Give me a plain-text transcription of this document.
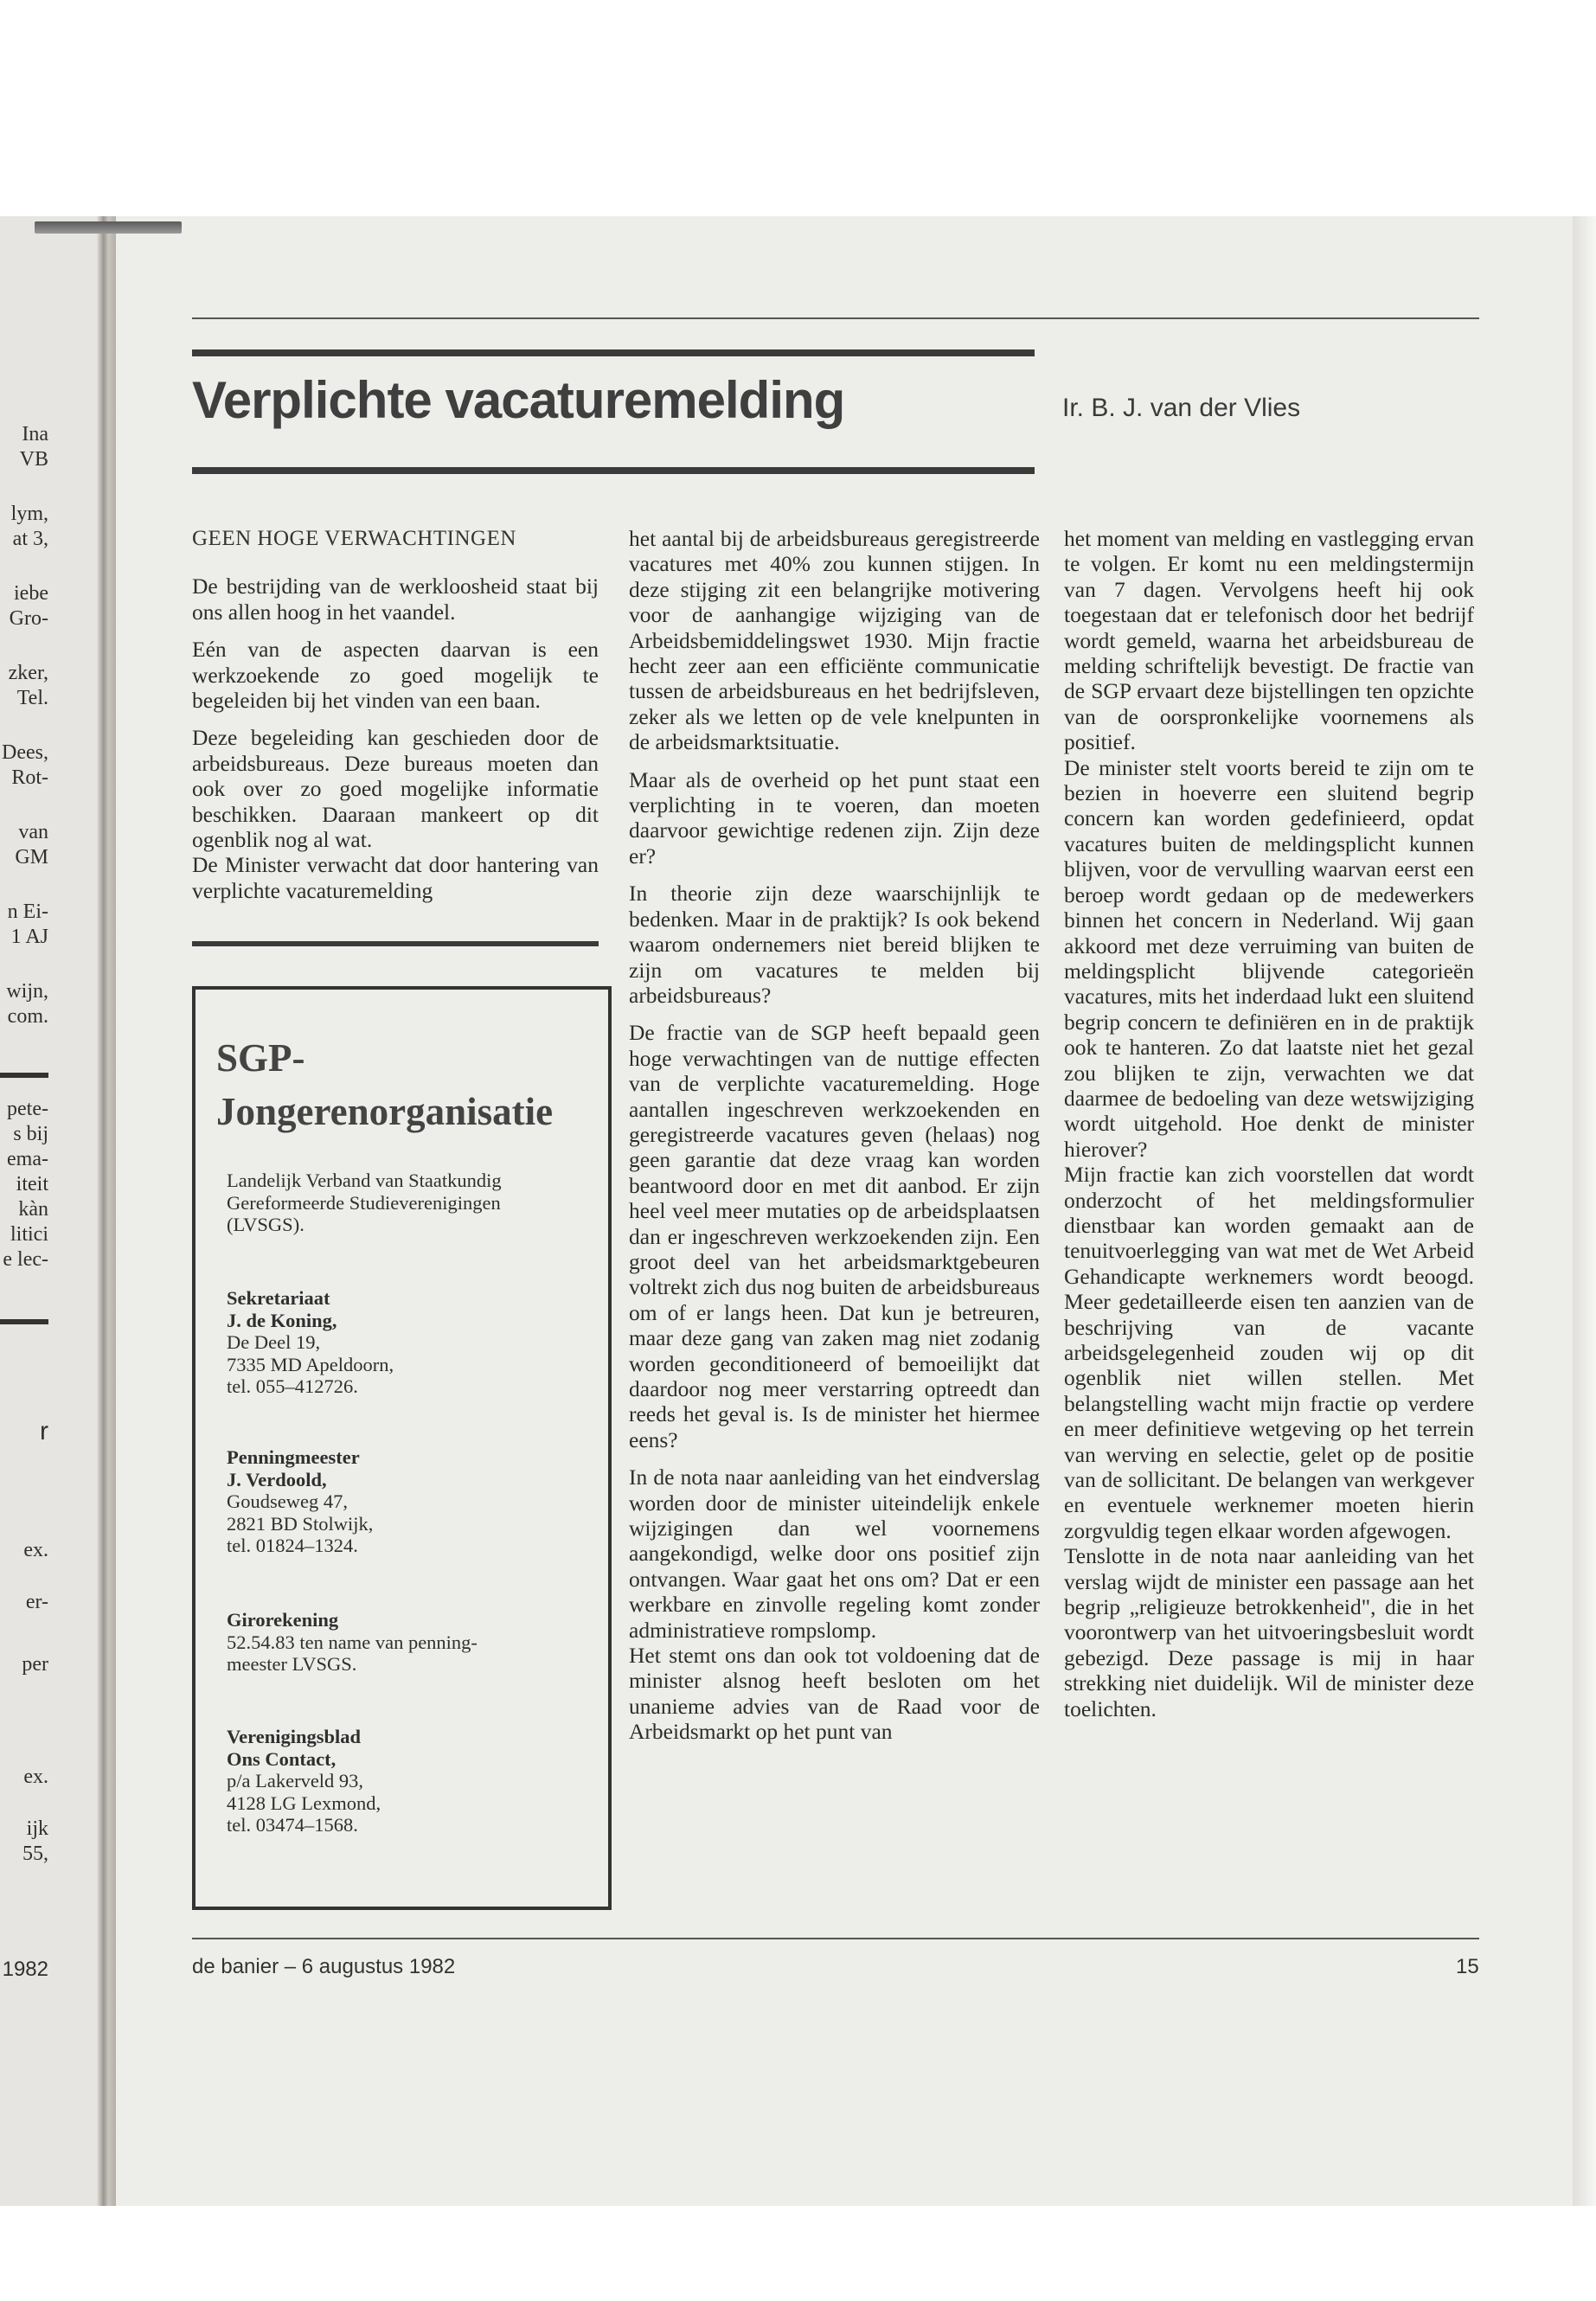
Ina
VB
lym,
at 3,
iebe
Gro-
zker,
Tel.
Dees,
Rot-
van
GM
n Ei-
1 AJ
wijn,
com.
pete-
s bij
ema-
iteit
kàn
litici
e lec-
r
ex.
er-
per
ex.
ijk
55,
1982
Verplichte vacaturemelding	Ir. B. J. van der Vlies
GEEN HOGE VERWACHTINGEN

De bestrijding van de werkloosheid staat bij ons allen hoog in het vaandel.

Eén van de aspecten daarvan is een werkzoekende zo goed mogelijk te begeleiden bij het vinden van een baan.

Deze begeleiding kan geschieden door de arbeidsbureaus. Deze bureaus moeten dan ook over zo goed mogelijke informatie beschikken. Daaraan mankeert op dit ogenblik nog al wat.

De Minister verwacht dat door hantering van verplichte vacaturemelding

SGP-
Jongerenorganisatie
Landelijk Verband van Staatkundig
Gereformeerde Studieverenigingen
(LVSGS).
Sekretariaat
J. de Koning,
De Deel 19,
7335 MD Apeldoorn,
tel. 055–412726.
Penningmeester
J. Verdoold,
Goudseweg 47,
2821 BD Stolwijk,
tel. 01824–1324.
Girorekening
52.54.83 ten name van penning-
meester LVSGS.
Verenigingsblad
Ons Contact,
p/a Lakerveld 93,
4128 LG Lexmond,
tel. 03474–1568.

het aantal bij de arbeidsbureaus geregistreerde vacatures met 40% zou kunnen stijgen. In deze stijging zit een belangrijke motivering voor de aanhangige wijziging van de Arbeidsbemiddelingswet 1930. Mijn fractie hecht zeer aan een efficiënte communicatie tussen de arbeidsbureaus en het bedrijfsleven, zeker als we letten op de vele knelpunten in de arbeidsmarktsituatie.

Maar als de overheid op het punt staat een verplichting in te voeren, dan moeten daarvoor gewichtige redenen zijn. Zijn deze er?

In theorie zijn deze waarschijnlijk te bedenken. Maar in de praktijk? Is ook bekend waarom ondernemers niet bereid blijken te zijn om vacatures te melden bij arbeidsbureaus?

De fractie van de SGP heeft bepaald geen hoge verwachtingen van de nuttige effecten van de verplichte vacaturemelding. Hoge aantallen ingeschreven werkzoekenden en geregistreerde vacatures geven (helaas) nog geen garantie dat deze vraag kan worden beantwoord door en met dit aanbod. Er zijn heel veel meer mutaties op de arbeidsplaatsen dan er ingeschreven werkzoekenden zijn. Een groot deel van het arbeidsmarktgebeuren voltrekt zich dus nog buiten de arbeidsbureaus om of er langs heen. Dat kun je betreuren, maar deze gang van zaken mag niet zodanig worden geconditioneerd of bemoeilijkt dat daardoor nog meer verstarring optreedt dan reeds het geval is. Is de minister het hiermee eens?

In de nota naar aanleiding van het eindverslag worden door de minister uiteindelijk enkele wijzigingen dan wel voornemens aangekondigd, welke door ons positief zijn ontvangen. Waar gaat het ons om? Dat er een werkbare en zinvolle regeling komt zonder administratieve rompslomp.

Het stemt ons dan ook tot voldoening dat de minister alsnog heeft besloten om het unanieme advies van de Raad voor de Arbeidsmarkt op het punt van

het moment van melding en vastlegging ervan te volgen. Er komt nu een meldingstermijn van 7 dagen. Vervolgens heeft hij ook toegestaan dat er telefonisch door het bedrijf wordt gemeld, waarna het arbeidsbureau de melding schriftelijk bevestigt. De fractie van de SGP ervaart deze bijstellingen ten opzichte van de oorspronkelijke voornemens als positief.

De minister stelt voorts bereid te zijn om te bezien in hoeverre een sluitend begrip concern kan worden gedefinieerd, opdat vacatures buiten de meldingsplicht kunnen blijven, voor de vervulling waarvan eerst een beroep wordt gedaan op de medewerkers binnen het concern in Nederland. Wij gaan akkoord met deze verruiming van buiten de meldingsplicht blijvende categorieën vacatures, mits het inderdaad lukt een sluitend begrip concern te definiëren en in de praktijk ook te hanteren. Zo dat laatste niet het gezal zou blijken te zijn, verwachten we dat daarmee de bedoeling van deze wetswijziging wordt uitgehold. Hoe denkt de minister hierover?

Mijn fractie kan zich voorstellen dat wordt onderzocht of het meldingsformulier dienstbaar kan worden gemaakt aan de tenuitvoerlegging van wat met de Wet Arbeid Gehandicapte werknemers wordt beoogd. Meer gedetailleerde eisen ten aanzien van de beschrijving van de vacante arbeidsgelegenheid zouden wij op dit ogenblik niet willen stellen. Met belangstelling wacht mijn fractie op verdere en meer definitieve wetgeving op het terrein van werving en selectie, gelet op de positie van de sollicitant. De belangen van werkgever en eventuele werknemer moeten hierin zorgvuldig tegen elkaar worden afgewogen.

Tenslotte in de nota naar aanleiding van het verslag wijdt de minister een passage aan het begrip „religieuze betrokkenheid", die in het voorontwerp van het uitvoeringsbesluit wordt gebezigd. Deze passage is mij in haar strekking niet duidelijk. Wil de minister deze toelichten.

de banier – 6 augustus 1982	15
